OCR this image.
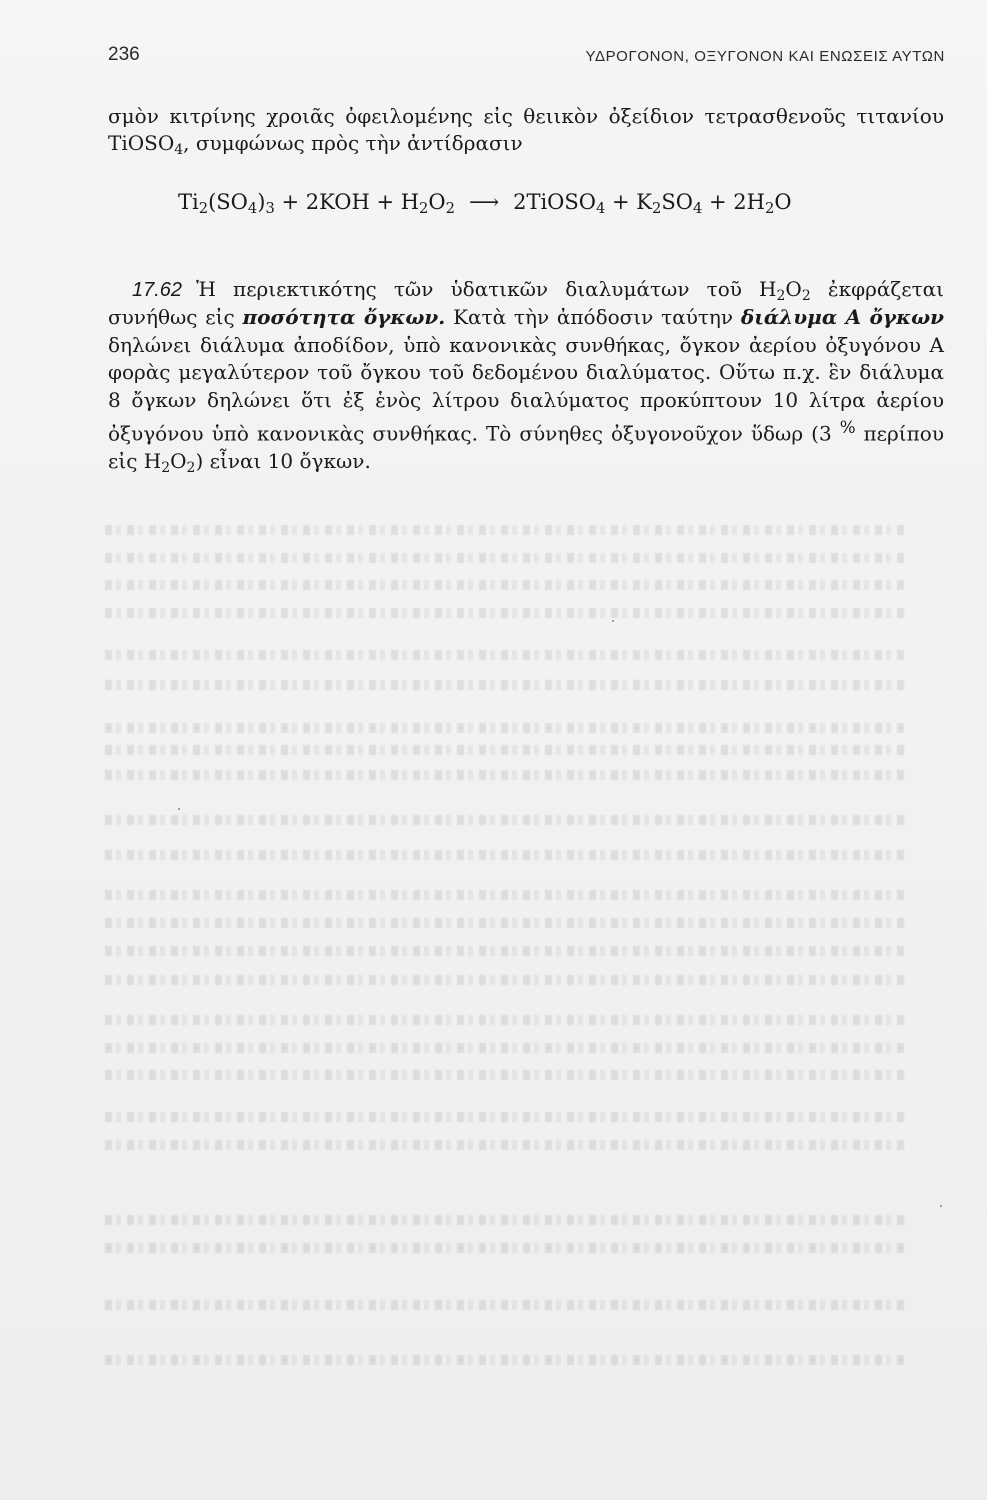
236	ΥΔΡΟΓΟΝΟΝ, ΟΞΥΓΟΝΟΝ ΚΑΙ ΕΝΩΣΕΙΣ ΑΥΤΩΝ

σμὸν κιτρίνης χροιᾶς ὀφειλομένης εἰς θειικὸν ὀξείδιον τετρασθενοῦς τιτανίου TiOSO$_4$, συμφώνως πρὸς τὴν ἀντίδρασιν

$Ti_2(SO_4)_3 + 2KOH + H_2O_2$ ⟶ 2TiOSO$_4$ + $K_2SO_4 + 2H_2O$

17.62 Ἡ περιεκτικότης τῶν ὑδατικῶν διαλυμάτων τοῦ $H_2O_2$ ἐκφράζεται συνήθως εἰς ποσότητα ὄγκων. Κατὰ τὴν ἀπόδοσιν ταύτην διάλυμα Α ὄγκων δηλώνει διάλυμα ἀποδίδον, ὑπὸ κανονικὰς συνθήκας, ὄγκον ἀερίου ὀξυγόνου Α φορὰς μεγαλύτερον τοῦ ὄγκου τοῦ δεδομένου διαλύματος. Οὕτω π.χ. ἓν διάλυμα 8 ὄγκων δηλώνει ὅτι ἐξ ἑνὸς λίτρου διαλύματος προκύπτουν 10 λίτρα ἀερίου ὀξυγόνου ὑπὸ κανονικὰς συνθήκας. Τὸ σύνηθες ὀξυγονοῦχον ὕδωρ (3 % περίπου εἰς $H_2O_2$) εἶναι 10 ὄγκων.
